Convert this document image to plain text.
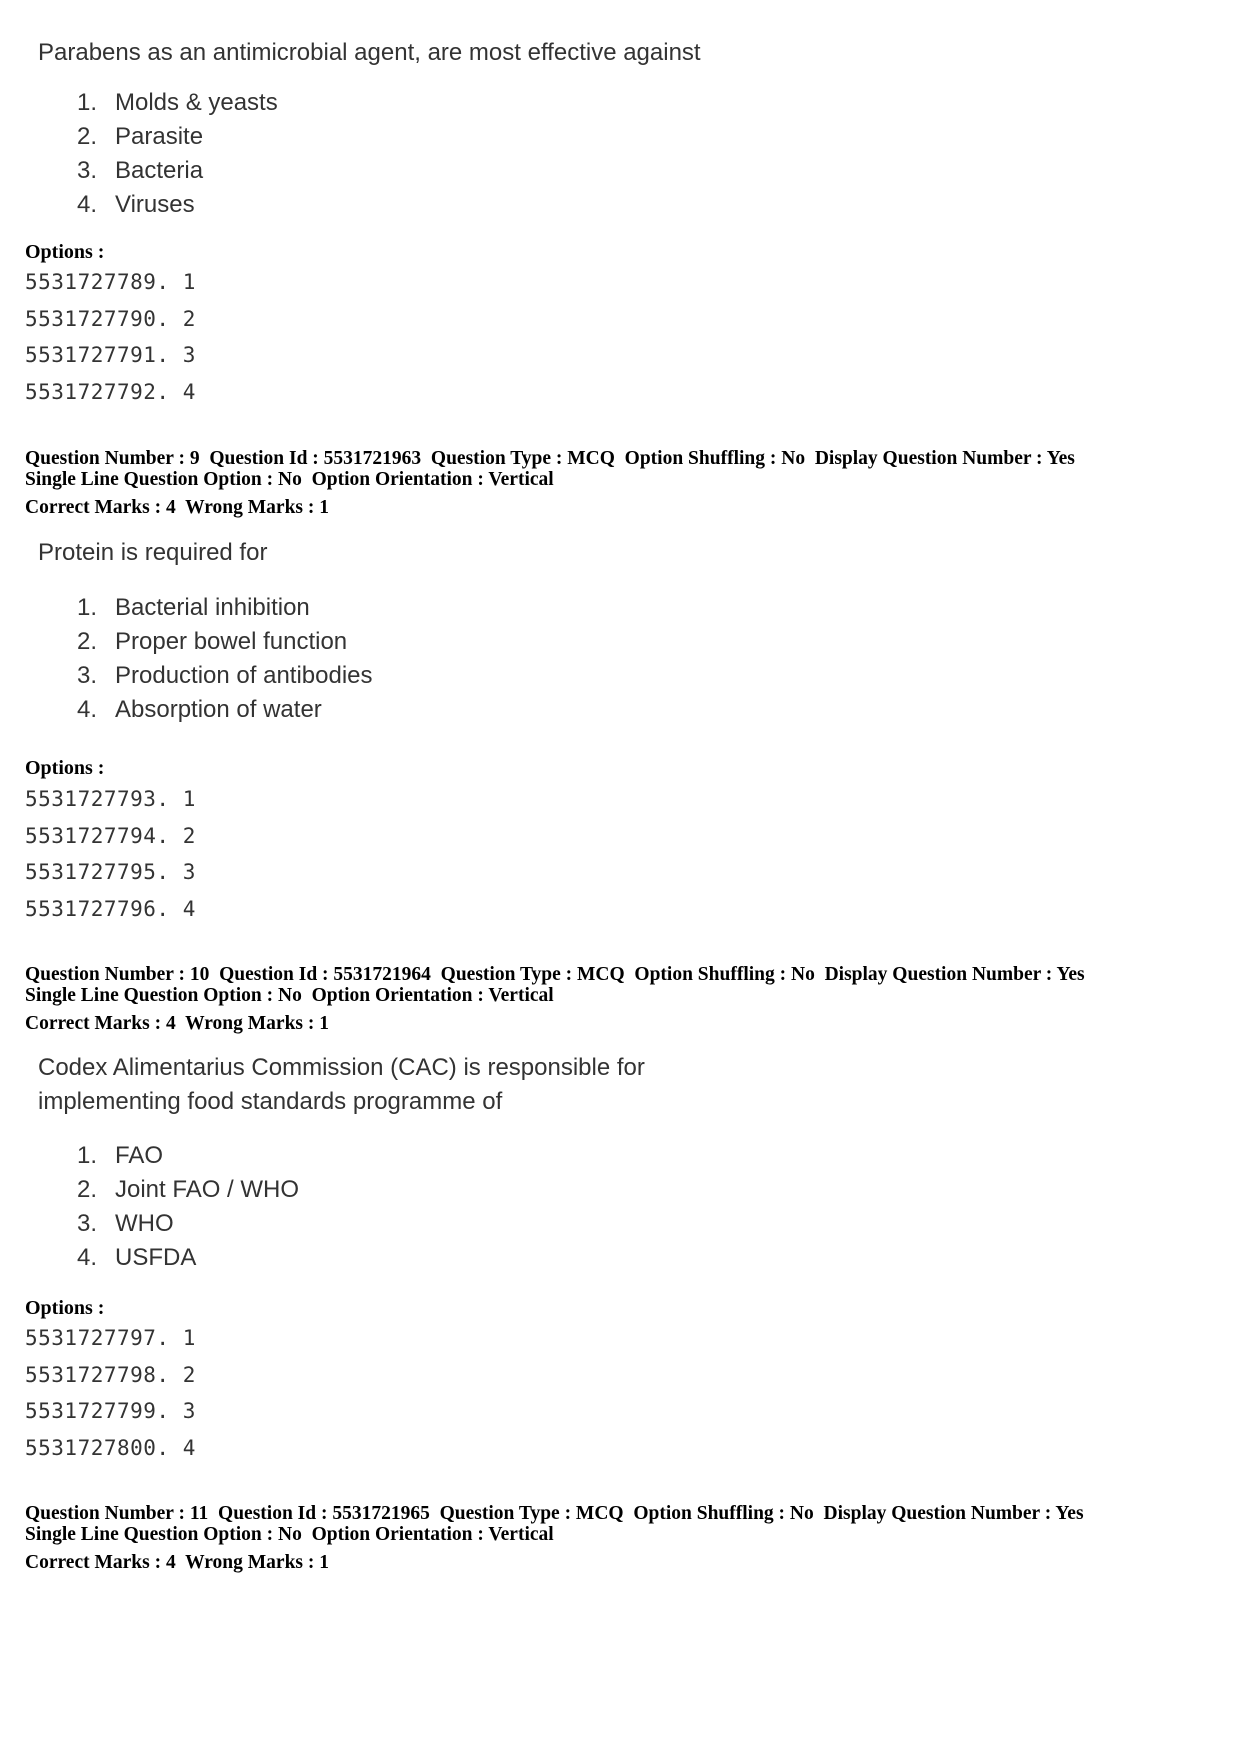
Parabens as an antimicrobial agent, are most effective against

1. Molds & yeasts
2. Parasite
3. Bacteria
4. Viruses
Options :
5531727789. 1
5531727790. 2
5531727791. 3
5531727792. 4
Question Number : 9  Question Id : 5531721963  Question Type : MCQ  Option Shuffling : No  Display Question Number : Yes
Single Line Question Option : No  Option Orientation : Vertical
Correct Marks : 4  Wrong Marks : 1

Protein is required for

1. Bacterial inhibition
2. Proper bowel function
3. Production of antibodies
4. Absorption of water
Options :
5531727793. 1
5531727794. 2
5531727795. 3
5531727796. 4
Question Number : 10  Question Id : 5531721964  Question Type : MCQ  Option Shuffling : No  Display Question Number : Yes
Single Line Question Option : No  Option Orientation : Vertical
Correct Marks : 4  Wrong Marks : 1

Codex Alimentarius Commission (CAC) is responsible for

implementing food standards programme of

1. FAO
2. Joint FAO / WHO
3. WHO
4. USFDA
Options :
5531727797. 1
5531727798. 2
5531727799. 3
5531727800. 4
Question Number : 11  Question Id : 5531721965  Question Type : MCQ  Option Shuffling : No  Display Question Number : Yes
Single Line Question Option : No  Option Orientation : Vertical
Correct Marks : 4  Wrong Marks : 1
